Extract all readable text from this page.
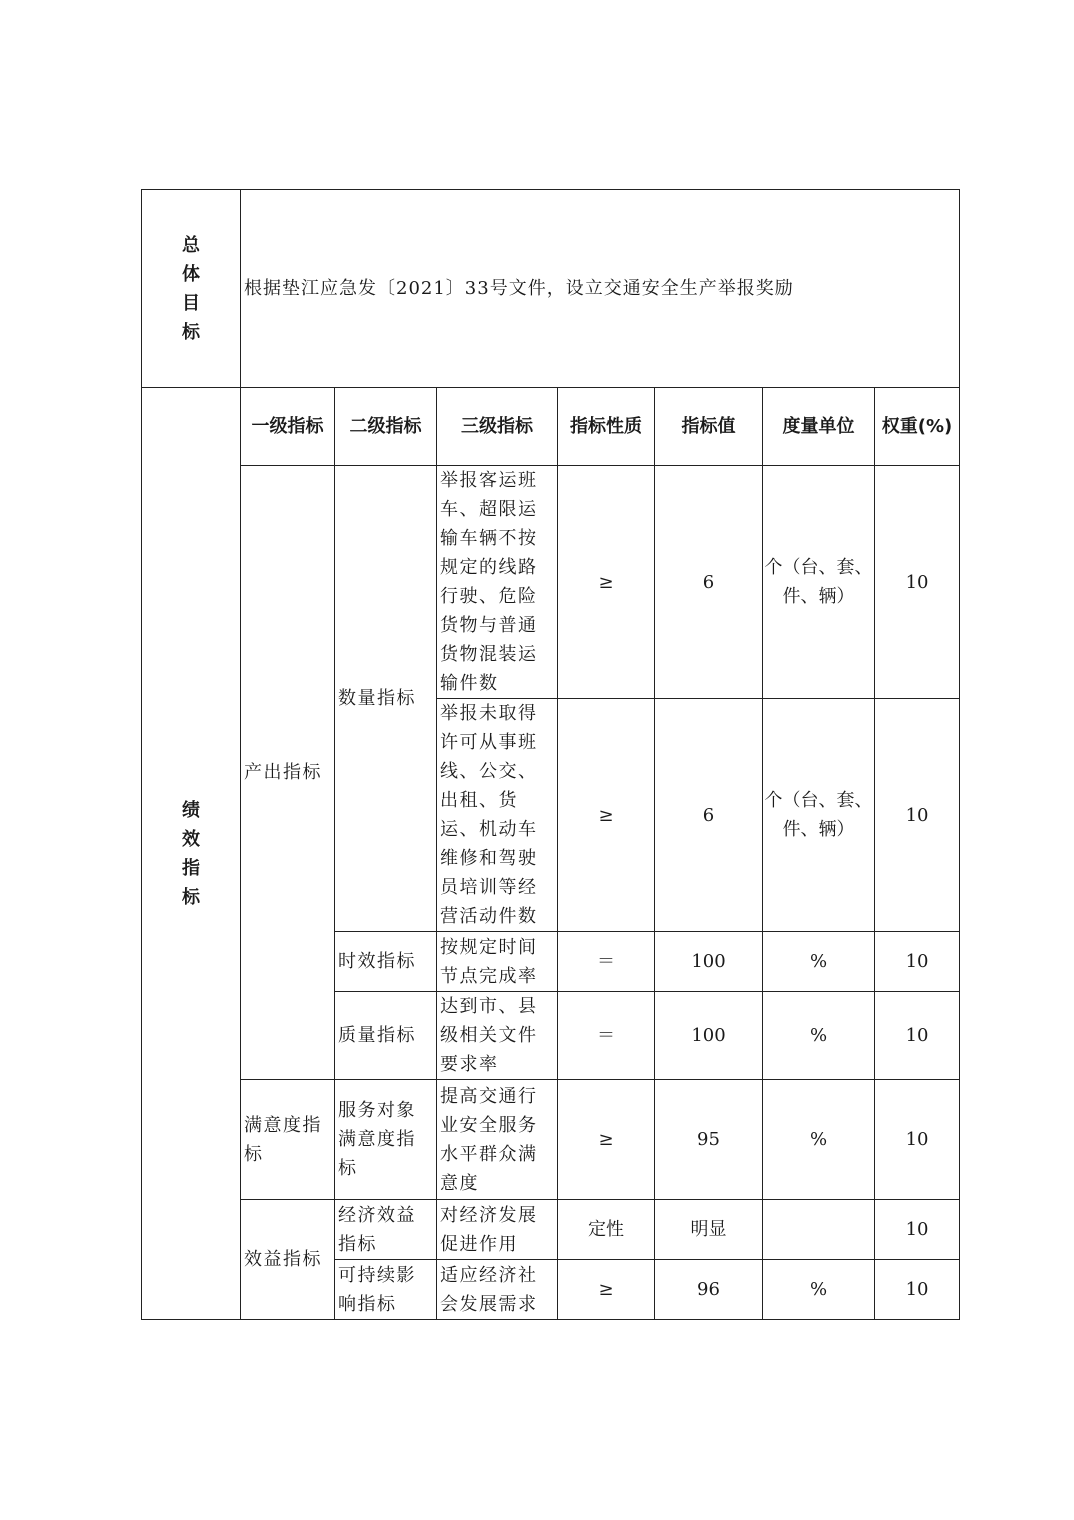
总
体
目
标	根据垫江应急发〔2021〕33号文件，设立交通安全生产举报奖励						

绩
效
指
标	一级指标	二级指标	三级指标	指标性质	指标值	度量单位	权重(%)
	产出指标	数量指标	举报客运班车、超限运输车辆不按规定的线路行驶、危险货物与普通货物混装运输件数	≥	6	个（台、套、件、辆）	10
			举报未取得许可从事班线、公交、出租、货运、机动车维修和驾驶员培训等经营活动件数	≥	6	个（台、套、件、辆）	10
		时效指标	按规定时间节点完成率	＝	100	%	10
		质量指标	达到市、县级相关文件要求率	＝	100	%	10
	满意度指标	服务对象满意度指标	提高交通行业安全服务水平群众满意度	≥	95	%	10
	效益指标	经济效益指标	对经济发展促进作用	定性	明显		10
		可持续影响指标	适应经济社会发展需求	≥	96	%	10
